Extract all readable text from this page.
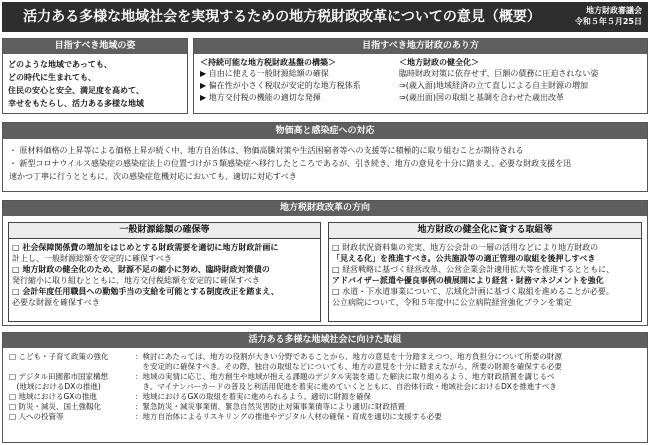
活力ある多様な地域社会を実現するための地方税財政改革についての意見（概要）	地方財政審議会
令和５年５月25日
目指すべき地域の姿
どのような地域であっても、
どの時代に生まれても、
住民の安心と安全、満足度を高めて、
幸せをもたらし、活力ある多様な地域
目指すべき地方財政のあり方
＜持続可能な地方税財政基盤の構築＞
▶ 自由に使える一般財源総額の確保
▶ 偏在性が小さく税収が安定的な地方税体系
▶ 地方交付税の機能の適切な発揮
＜地方財政の健全化＞
臨時財政対策に依存せず、巨額の債務に圧迫されない姿
⇒(歳入面)地域経済の立て直しによる自主財源の増加
⇒(歳出面)国の取組と基調を合わせた歳出改革
物価高と感染症への対応
・ 原材料価格の上昇等による価格上昇が続く中、地方自治体は、物価高騰対策や生活困窮者等への支援等に積極的に取り組むことが期待される
・ 新型コロナウイルス感染症の感染症法上の位置づけが５類感染症へ移行したところであるが、引き続き、地方の意見を十分に踏まえ、必要な財政支援を迅
速かつ丁寧に行うとともに、次の感染症危機対応においても、適切に対応すべき
地方税財政改革の方向
一般財源総額の確保等
□ 社会保障関係費の増加をはじめとする財政需要を適切に地方財政計画に
計上し、一般財源総額を安定的に確保すべき
□ 地方財政の健全化のため、財源不足の縮小に努め、臨時財政対策債の
発行縮小に取り組むとともに、地方交付税総額を安定的に確保すべき
□ 会計年度任用職員への勤勉手当の支給を可能とする制度改正を踏まえ、
必要な財源を確保すべき
地方財政の健全化に資する取組等
□ 財政状況資料集の充実、地方公会計の一層の活用などにより地方財政の
「見える化」を推進すべき。公共施設等の適正管理の取組を後押しすべき
□ 経営戦略に基づく経営改革、公営企業会計適用拡大等を推進するとともに、
アドバイザー派遣や優良事例の横展開により経営・財務マネジメントを強化
□ 水道・下水道事業について、広域化計画に基づく取組を進めることが必要。
公立病院について、令和５年度中に公立病院経営強化プランを策定
活力ある多様な地域社会に向けた取組
□ こども・子育て政策の強化	：検討にあたっては、地方の役割が大きい分野であることから、地方の意見を十分踏まえつつ、地方負担分について所要の財源
	　を安定的に確保すべき。その際、独自の取組などについても、地方の意見を十分に踏まえながら、所要の財源を確保する必要
□ デジタル田園都市国家構想	：地域の実情に応じ、地方創生や地域が抱える課題のデジタル実装を通した解決に取り組めるよう、地方財政措置を講じるべ
　(地域におけるDXの推進)	　き。マイナンバーカードの普及と利活用促進を着実に進めていくとともに、自治体行政・地域社会におけるDXを推進すべき
□ 地域におけるGXの推進	：地域におけるGXの取組を着実に進められるよう、適切に財源を確保
□ 防災・減災、国土強靱化	：緊急防災・減災事業債、緊急自然災害防止対策事業債等により適切に財政措置
□ 人への投資等	：地方自治体によるリスキリングの推進やデジタル人材の確保・育成を適切に支援する必要
